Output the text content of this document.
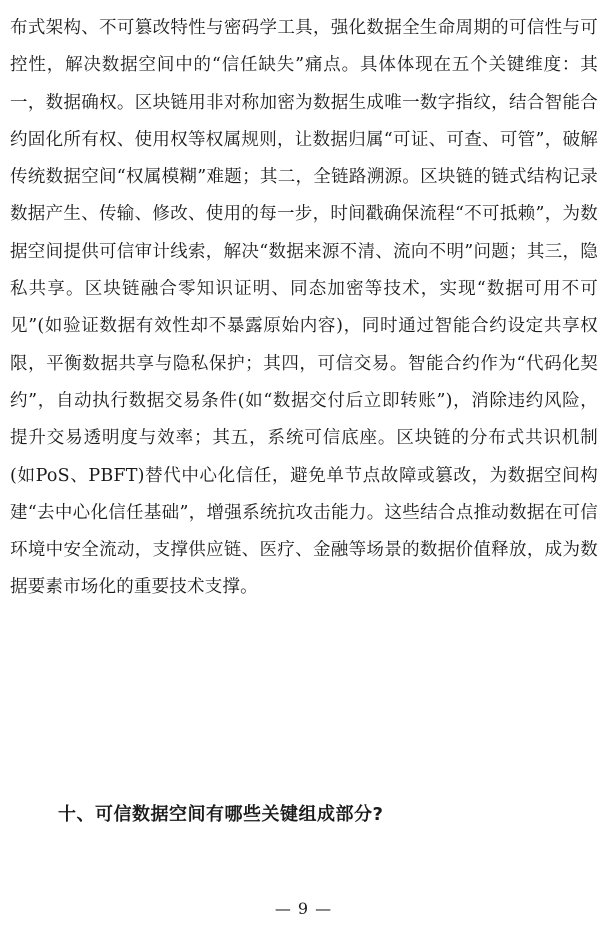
布式架构、不可篡改特性与密码学工具，强化数据全生命周期的可信性与可控性，解决数据空间中的“信任缺失”痛点。具体体现在五个关键维度：其一，数据确权。区块链用非对称加密为数据生成唯一数字指纹，结合智能合约固化所有权、使用权等权属规则，让数据归属“可证、可查、可管”，破解传统数据空间“权属模糊”难题；其二，全链路溯源。区块链的链式结构记录数据产生、传输、修改、使用的每一步，时间戳确保流程“不可抵赖”，为数据空间提供可信审计线索，解决“数据来源不清、流向不明”问题；其三，隐私共享。区块链融合零知识证明、同态加密等技术，实现“数据可用不可见”(如验证数据有效性却不暴露原始内容)，同时通过智能合约设定共享权限，平衡数据共享与隐私保护；其四，可信交易。智能合约作为“代码化契约”，自动执行数据交易条件(如“数据交付后立即转账”)，消除违约风险，提升交易透明度与效率；其五，系统可信底座。区块链的分布式共识机制(如PoS、PBFT)替代中心化信任，避免单节点故障或篡改，为数据空间构建“去中心化信任基础”，增强系统抗攻击能力。这些结合点推动数据在可信环境中安全流动，支撑供应链、医疗、金融等场景的数据价值释放，成为数据要素市场化的重要技术支撑。

十、可信数据空间有哪些关键组成部分?
— 9 —
